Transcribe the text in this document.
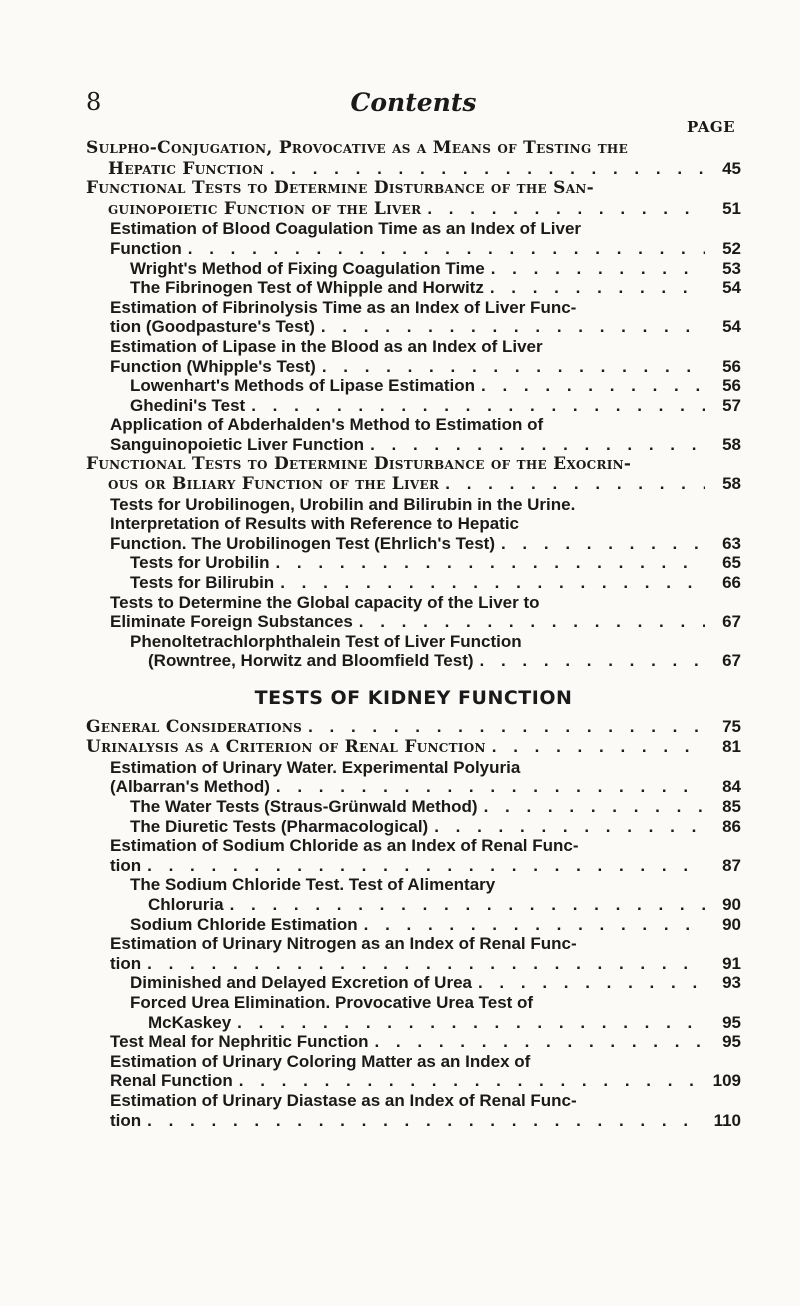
8	Contents
PAGE
Sulpho-Conjugation, Provocative as a Means of Testing the
Hepatic Function . . .	45
Functional Tests to Determine Disturbance of the San-
guinopoietic Function of the Liver . . .	51
Estimation of Blood Coagulation Time as an Index of Liver
Function . . .	52
Wright's Method of Fixing Coagulation Time . . .	53
The Fibrinogen Test of Whipple and Horwitz . . .	54
Estimation of Fibrinolysis Time as an Index of Liver Func-
tion (Goodpasture's Test) . . .	54
Estimation of Lipase in the Blood as an Index of Liver
Function (Whipple's Test) . . .	56
Lowenhart's Methods of Lipase Estimation . . .	56
Ghedini's Test . . .	57
Application of Abderhalden's Method to Estimation of
Sanguinopoietic Liver Function . . .	58
Functional Tests to Determine Disturbance of the Exocrin-
ous or Biliary Function of the Liver . . .	58
Tests for Urobilinogen, Urobilin and Bilirubin in the Urine.
Interpretation of Results with Reference to Hepatic
Function. The Urobilinogen Test (Ehrlich's Test) . . .	63
Tests for Urobilin . . .	65
Tests for Bilirubin . . .	66
Tests to Determine the Global capacity of the Liver to
Eliminate Foreign Substances . . .	67
Phenoltetrachlorphthalein Test of Liver Function
(Rowntree, Horwitz and Bloomfield Test) . . .	67
TESTS OF KIDNEY FUNCTION
General Considerations . . .	75
Urinalysis as a Criterion of Renal Function . . .	81
Estimation of Urinary Water. Experimental Polyuria
(Albarran's Method) . . .	84
The Water Tests (Straus-Grünwald Method) . . .	85
The Diuretic Tests (Pharmacological) . . .	86
Estimation of Sodium Chloride as an Index of Renal Func-
tion . . .	87
The Sodium Chloride Test. Test of Alimentary
Chloruria . . .	90
Sodium Chloride Estimation . . .	90
Estimation of Urinary Nitrogen as an Index of Renal Func-
tion . . .	91
Diminished and Delayed Excretion of Urea . . .	93
Forced Urea Elimination. Provocative Urea Test of
McKaskey . . .	95
Test Meal for Nephritic Function . . .	95
Estimation of Urinary Coloring Matter as an Index of
Renal Function . . .	109
Estimation of Urinary Diastase as an Index of Renal Func-
tion . . .	110
